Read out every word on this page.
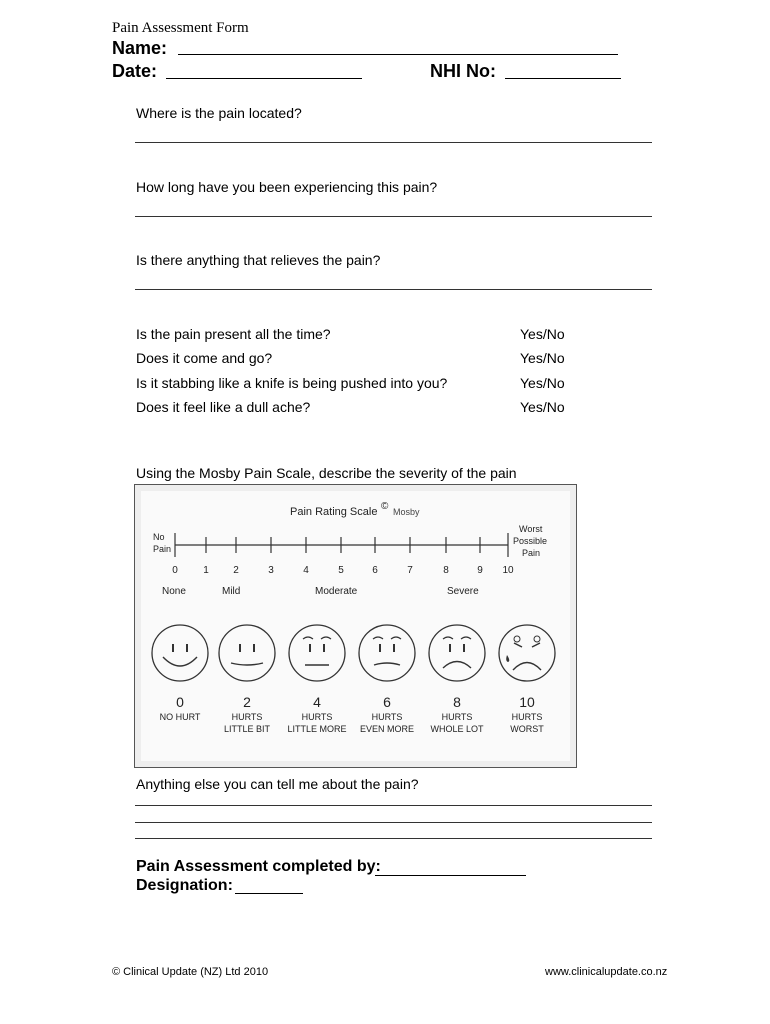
Pain Assessment Form
Name:
Date:	NHI No:
Where is the pain located?
How long have you been experiencing this pain?
Is there anything that relieves the pain?
Is the pain present all the time?	Yes/No
Does it come and go?	Yes/No
Is it stabbing like a knife is being pushed into you?	Yes/No
Does it feel like a dull ache?	Yes/No
Using the Mosby Pain Scale, describe the severity of the pain
Pain Rating Scale © Mosby
No
Pain
Worst
Possible
Pain
0	1 2	3	4	5	6	7	8	9 10
None	Mild	Moderate	Severe
0
NO HURT
2
HURTS
LITTLE BIT
4
HURTS
LITTLE MORE
6
HURTS
EVEN MORE
8
HURTS
WHOLE LOT
10
HURTS
WORST
Anything else you can tell me about the pain?
Pain Assessment completed by:
Designation:
© Clinical Update (NZ) Ltd 2010	www.clinicalupdate.co.nz
